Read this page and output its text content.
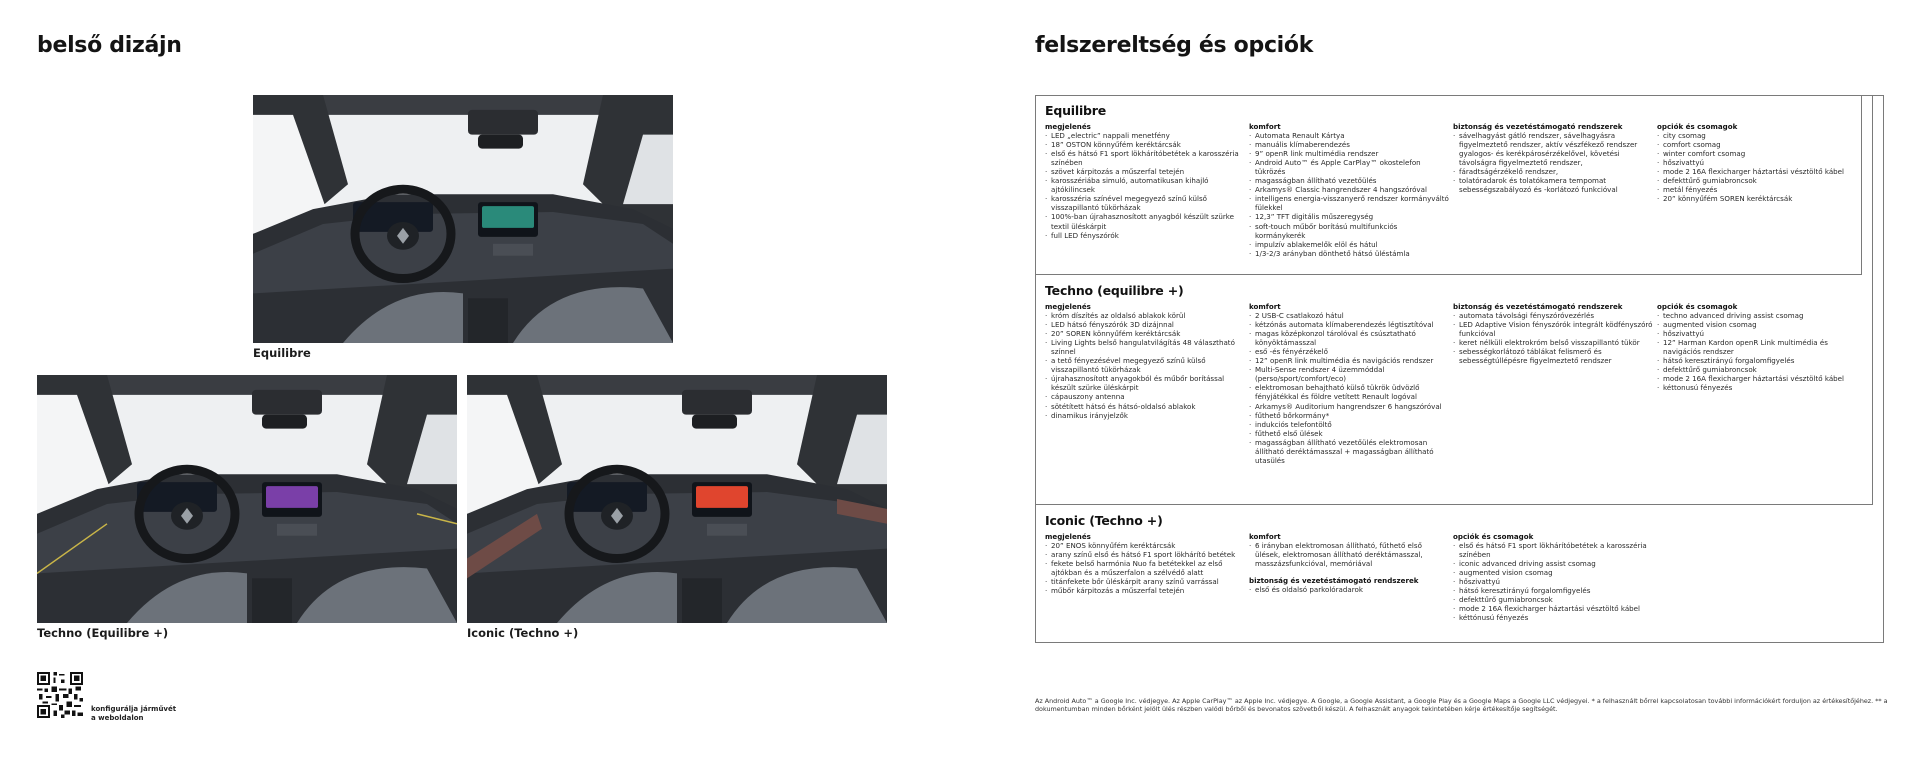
belső dizájn
Equilibre
Techno (Equilibre +)	Iconic (Techno +)
konfigurálja járművét
a weboldalon
felszereltség és opciók
Equilibre
megjelenés
· LED „electric” nappali menetfény
· 18” OSTON könnyűfém keréktárcsák
· első és hátsó F1 sport lökhárítóbetétek a karosszéria színében
· szövet kárpitozás a műszerfal tetején
· karosszériába simuló, automatikusan kihajló ajtókilincsek
· karosszéria színével megegyező színű külső visszapillantó tükörházak
· 100%-ban újrahasznosított anyagból készült szürke textil üléskárpit
· full LED fényszórók
komfort
· Automata Renault Kártya
· manuális klímaberendezés
· 9” openR link multimédia rendszer
· Android Auto™ és Apple CarPlay™ okostelefon tükrözés
· magasságban állítható vezetőülés
· Arkamys® Classic hangrendszer 4 hangszóróval
· intelligens energia-visszanyerő rendszer kormányváltó fülekkel
· 12,3” TFT digitális műszeregység
· soft-touch műbőr borítású multifunkciós kormánykerék
· impulzív ablakemelők elöl és hátul
· 1/3-2/3 arányban dönthető hátsó üléstámla
biztonság és vezetéstámogató rendszerek
· sávelhagyást gátló rendszer, sávelhagyásra figyelmeztető rendszer, aktív vészfékező rendszer gyalogos- és kerékpárosérzékelővel, követési távolságra figyelmeztető rendszer,
· fáradtságérzékelő rendszer,
· tolatóradarok és tolatókamera tempomat sebességszabályozó és -korlátozó funkcióval
opciók és csomagok
· city csomag
· comfort csomag
· winter comfort csomag
· hőszivattyú
· mode 2 16A flexicharger háztartási vésztöltő kábel
· defekttűrő gumiabroncsok
· metál fényezés
· 20” könnyűfém SOREN keréktárcsák
Techno (equilibre +)
megjelenés
· króm díszítés az oldalsó ablakok körül
· LED hátsó fényszórók 3D dizájnnal
· 20” SOREN könnyűfém keréktárcsák
· Living Lights belső hangulatvilágítás 48 választható színnel
· a tető fényezésével megegyező színű külső visszapillantó tükörházak
· újrahasznosított anyagokból és műbőr borítással készült szürke üléskárpit
· cápauszony antenna
· sötétített hátsó és hátsó-oldalsó ablakok
· dinamikus irányjelzők
komfort
· 2 USB-C csatlakozó hátul
· kétzónás automata klímaberendezés légtisztítóval
· magas középkonzol tárolóval és csúsztatható könyöktámasszal
· eső -és fényérzékelő
· 12” openR link multimédia és navigációs rendszer
· Multi-Sense rendszer 4 üzemmóddal (perso/sport/comfort/eco)
· elektromosan behajtható külső tükrök üdvözlő fényjátékkal és földre vetített Renault logóval
· Arkamys® Auditorium hangrendszer 6 hangszóróval
· fűthető bőrkormány*
· indukciós telefontöltő
· fűthető első ülések
· magasságban állítható vezetőülés elektromosan állítható deréktámasszal + magasságban állítható utasülés
biztonság és vezetéstámogató rendszerek
· automata távolsági fényszóróvezérlés
· LED Adaptive Vision fényszórók integrált ködfényszóró funkcióval
· keret nélküli elektrokróm belső visszapillantó tükör
· sebességkorlátozó táblákat felismerő és sebességtúllépésre figyelmeztető rendszer
opciók és csomagok
· techno advanced driving assist csomag
· augmented vision csomag
· hőszivattyú
· 12” Harman Kardon openR Link multimédia és navigációs rendszer
· hátsó keresztirányú forgalomfigyelés
· defekttűrő gumiabroncsok
· mode 2 16A flexicharger háztartási vésztöltő kábel
· kéttonusú fényezés
Iconic (Techno +)
megjelenés
· 20” ENOS könnyűfém keréktárcsák
· arany színű első és hátsó F1 sport lökhárító betétek
· fekete belső harmónia Nuo fa betétekkel az első ajtókban és a műszerfalon a szélvédő alatt
· titánfekete bőr üléskárpit arany színű varrással
· műbőr kárpitozás a műszerfal tetején
komfort
· 6 irányban elektromosan állítható, fűthető első ülések, elektromosan állítható deréktámasszal, masszázsfunkcióval, memóriával
biztonság és vezetéstámogató rendszerek
· első és oldalsó parkolóradarok
opciók és csomagok
· első és hátsó F1 sport lökhárítóbetétek a karosszéria színében
· iconic advanced driving assist csomag
· augmented vision csomag
· hőszivattyú
· hátsó keresztirányú forgalomfigyelés
· defekttűrő gumiabroncsok
· mode 2 16A flexicharger háztartási vésztöltő kábel
· kéttónusú fényezés
Az Android Auto™ a Google Inc. védjegye. Az Apple CarPlay™ az Apple Inc. védjegye. A Google, a Google Assistant, a Google Play és a Google Maps a Google LLC védjegyei. * a felhasznált bőrrel kapcsolatosan további információkért forduljon az értékesítőjéhez. ** a dokumentumban minden bőrként jelölt ülés részben valódi bőrből és bevonatos szövetből készül. A felhasznált anyagok tekintetében kérje értékesítője segítségét.
